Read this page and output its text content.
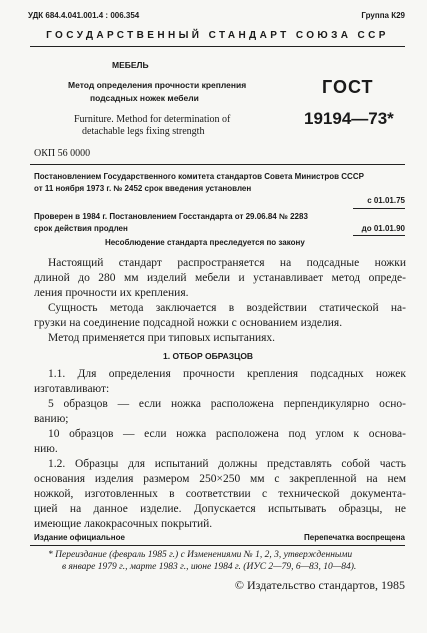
УДК 684.4.041.001.4 : 006.354	Группа К29
ГОСУДАРСТВЕННЫЙ СТАНДАРТ СОЮЗА ССР
МЕБЕЛЬ
Метод определения прочности крепления
подсадных ножек мебели
Furniture. Method for determination of
detachable legs fixing strength
ГОСТ
19194—73*
ОКП 56 0000
Постановлением Государственного комитета стандартов Совета Министров СССР
от 11 ноября 1973 г. № 2452 срок введения установлен
с 01.01.75
Проверен в 1984 г. Постановлением Госстандарта от 29.06.84 № 2283
срок действия продлен	до 01.01.90
Несоблюдение стандарта преследуется по закону
Настоящий стандарт распространяется на подсадные ножки
длиной до 280 мм изделий мебели и устанавливает метод опреде-
ления прочности их крепления.
Сущность метода заключается в воздействии статической на-
грузки на соединение подсадной ножки с основанием изделия.
Метод применяется при типовых испытаниях.
1. ОТБОР ОБРАЗЦОВ
1.1. Для определения прочности крепления подсадных ножек
изготавливают:
5 образцов — если ножка расположена перпендикулярно осно-
ванию;
10 образцов — если ножка расположена под углом к основа-
нию.
1.2. Образцы для испытаний должны представлять собой часть
основания изделия размером 250×250 мм с закрепленной на нем
ножкой, изготовленных в соответствии с технической документа-
цией на данное изделие. Допускается испытывать образцы, не
имеющие лакокрасочных покрытий.
Издание официальное	Перепечатка воспрещена
* Переиздание (февраль 1985 г.) с Изменениями № 1, 2, 3, утвержденными
в январе 1979 г., марте 1983 г., июне 1984 г. (ИУС 2—79, 6—83, 10—84).
© Издательство стандартов, 1985
